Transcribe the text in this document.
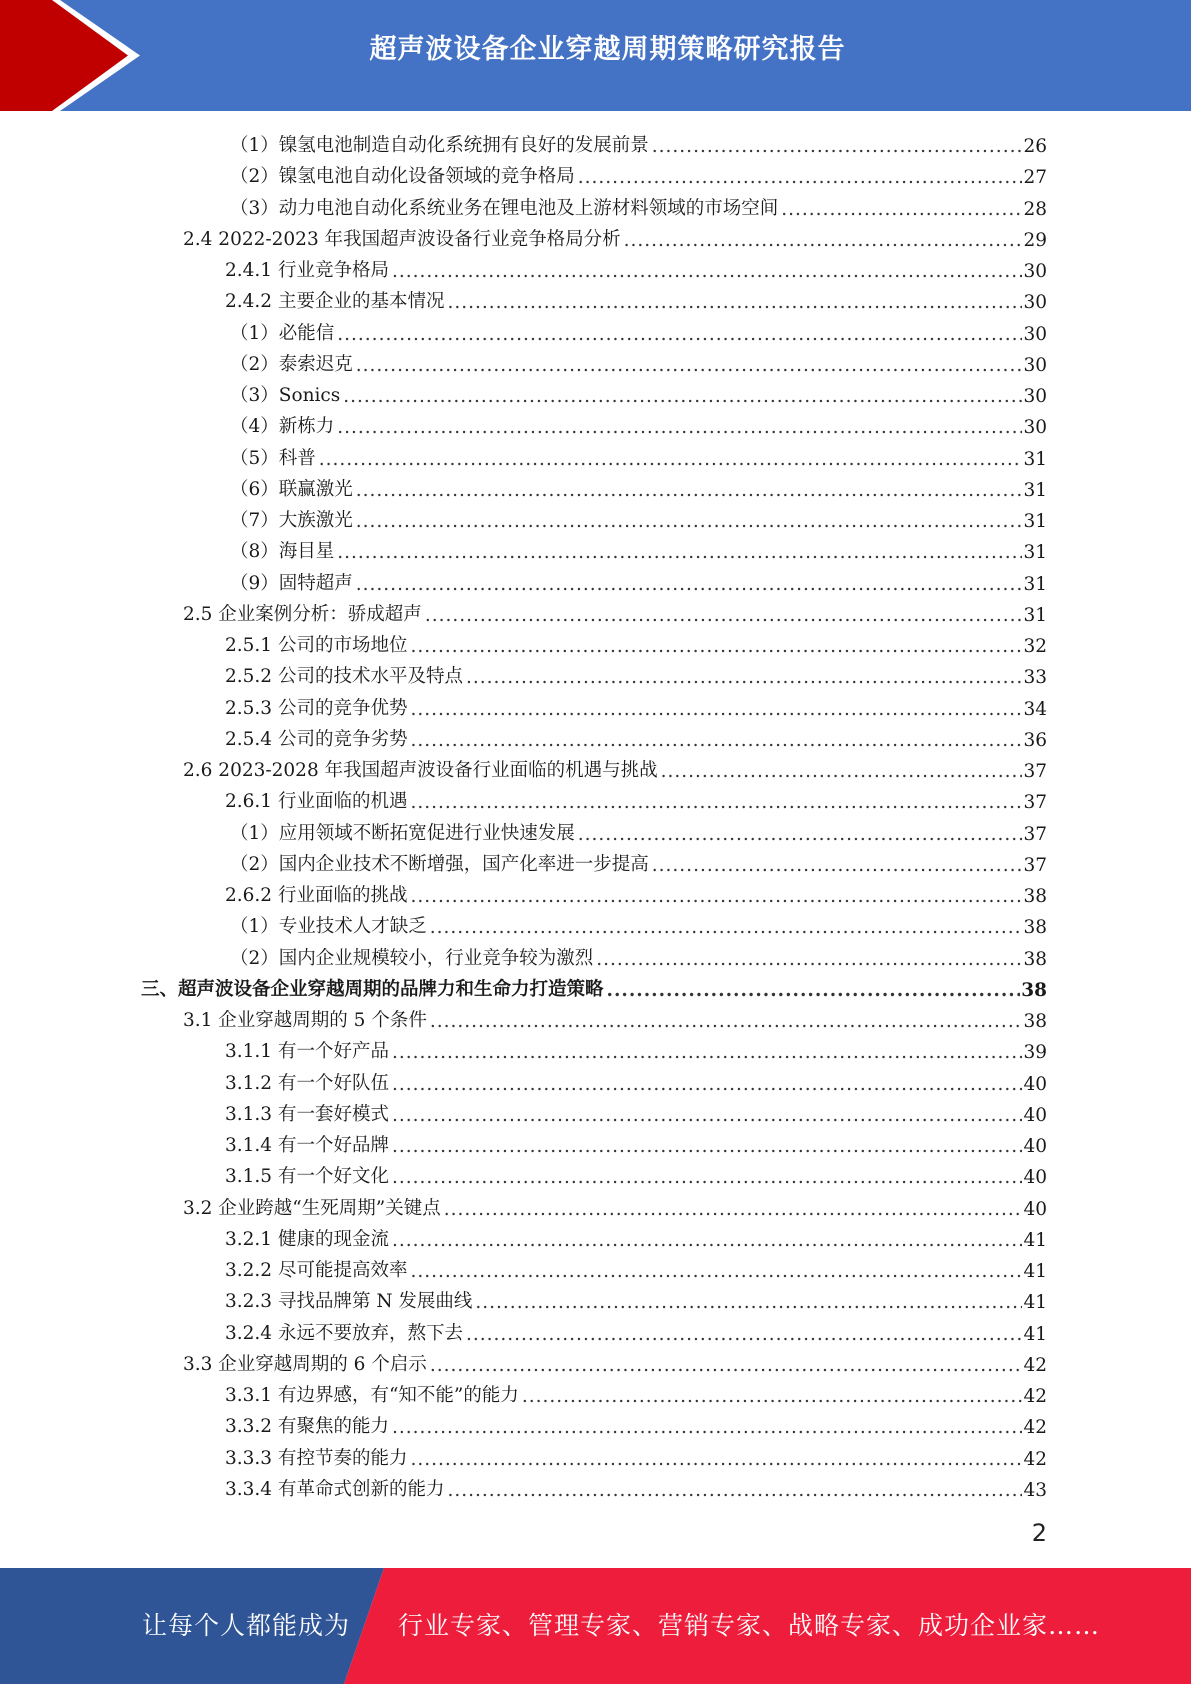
超声波设备企业穿越周期策略研究报告
（1）镍氢电池制造自动化系统拥有良好的发展前景 .....	26
（2）镍氢电池自动化设备领域的竞争格局 .....	27
（3）动力电池自动化系统业务在锂电池及上游材料领域的市场空间 .....	28
2.4 2022-2023 年我国超声波设备行业竞争格局分析 .....	29
2.4.1 行业竞争格局 .....	30
2.4.2 主要企业的基本情况 .....	30
（1）必能信 .....	30
（2）泰索迟克 .....	30
（3）Sonics .....	30
（4）新栋力 .....	30
（5）科普 .....	31
（6）联赢激光 .....	31
（7）大族激光 .....	31
（8）海目星 .....	31
（9）固特超声 .....	31
2.5 企业案例分析：骄成超声 .....	31
2.5.1 公司的市场地位 .....	32
2.5.2 公司的技术水平及特点 .....	33
2.5.3 公司的竞争优势 .....	34
2.5.4 公司的竞争劣势 .....	36
2.6 2023-2028 年我国超声波设备行业面临的机遇与挑战 .....	37
2.6.1 行业面临的机遇 .....	37
（1）应用领域不断拓宽促进行业快速发展 .....	37
（2）国内企业技术不断增强，国产化率进一步提高 .....	37
2.6.2 行业面临的挑战 .....	38
（1）专业技术人才缺乏 .....	38
（2）国内企业规模较小，行业竞争较为激烈 .....	38
三、超声波设备企业穿越周期的品牌力和生命力打造策略 .....	38
3.1 企业穿越周期的 5 个条件 .....	38
3.1.1 有一个好产品 .....	39
3.1.2 有一个好队伍 .....	40
3.1.3 有一套好模式 .....	40
3.1.4 有一个好品牌 .....	40
3.1.5 有一个好文化 .....	40
3.2 企业跨越“生死周期”关键点 .....	40
3.2.1 健康的现金流 .....	41
3.2.2 尽可能提高效率 .....	41
3.2.3 寻找品牌第 N 发展曲线 .....	41
3.2.4 永远不要放弃，熬下去 .....	41
3.3 企业穿越周期的 6 个启示 .....	42
3.3.1 有边界感，有“知不能”的能力 .....	42
3.3.2 有聚焦的能力 .....	42
3.3.3 有控节奏的能力 .....	42
3.3.4 有革命式创新的能力 .....	43
2
让每个人都能成为 行业专家、管理专家、营销专家、战略专家、成功企业家……
